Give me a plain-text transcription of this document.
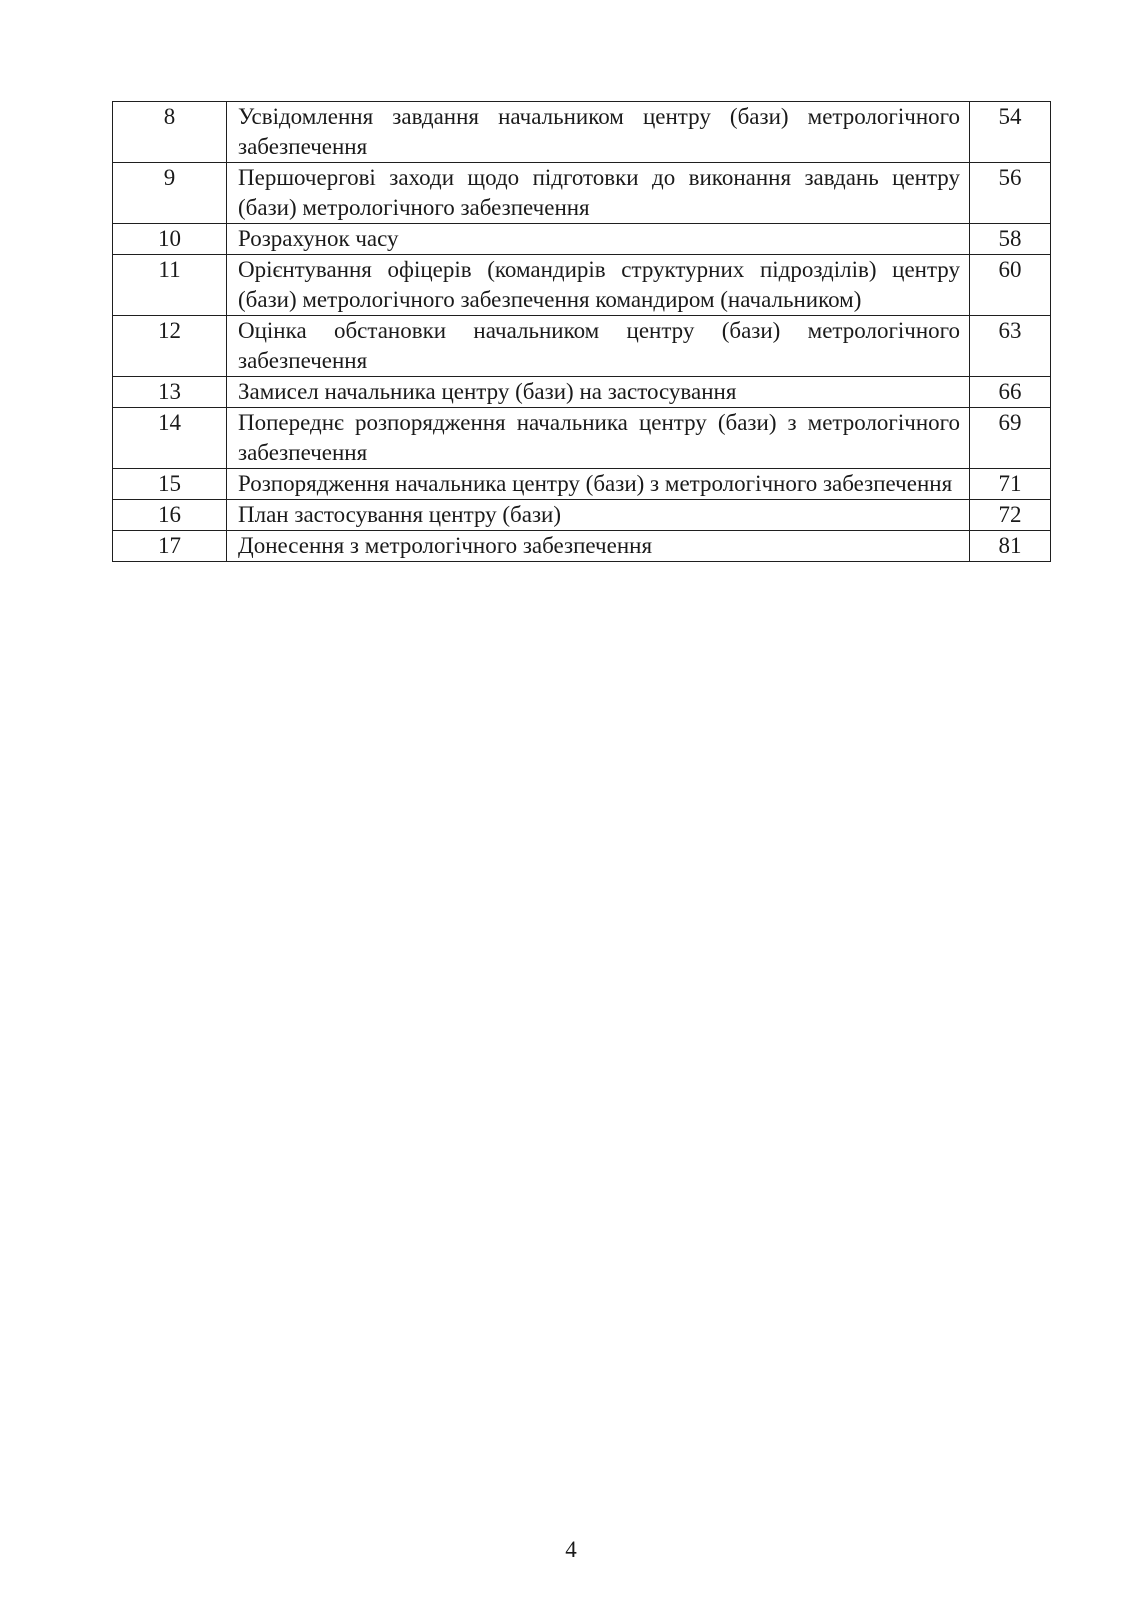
8	Усвідомлення завдання начальником центру (бази) метрологічного забезпечення	54
9	Першочергові заходи щодо підготовки до виконання завдань центру (бази) метрологічного забезпечення	56
10	Розрахунок часу	58
11	Орієнтування офіцерів (командирів структурних підрозділів) центру (бази) метрологічного забезпечення командиром (начальником)	60
12	Оцінка обстановки начальником центру (бази) метрологічного забезпечення	63
13	Замисел начальника центру (бази) на застосування	66
14	Попереднє розпорядження начальника центру (бази) з метрологічного забезпечення	69
15	Розпорядження начальника центру (бази) з метрологічного забезпечення	71
16	План застосування центру (бази)	72
17	Донесення з метрологічного забезпечення	81
4
